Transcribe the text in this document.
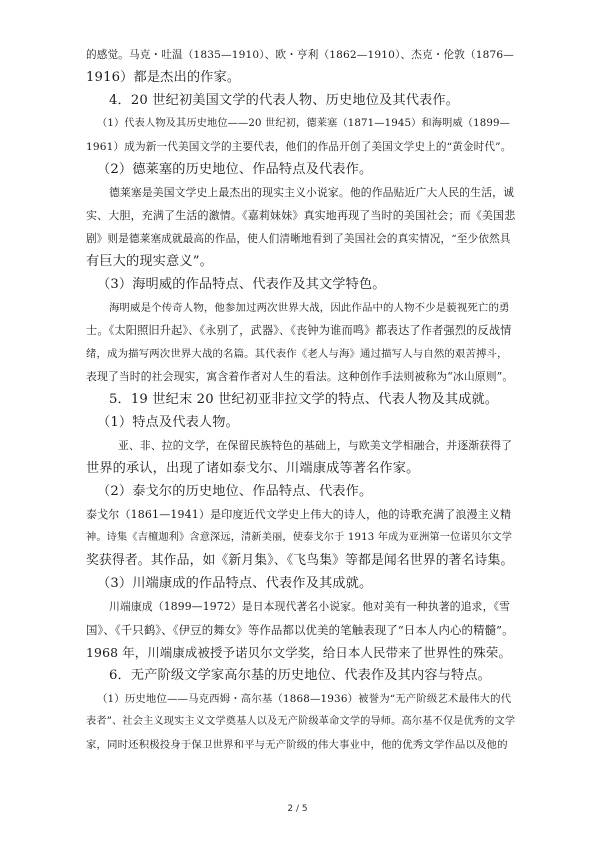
的感觉。马克・吐温（1835—1910）、欧・亨利（1862—1910）、杰克・伦敦（1876—
1916）都是杰出的作家。
4．20 世纪初美国文学的代表人物、历史地位及其代表作。
（1）代表人物及其历史地位——20 世纪初，德莱塞（1871—1945）和海明威（1899—
1961）成为新一代美国文学的主要代表，他们的作品开创了美国文学史上的“黄金时代”。
（2）德莱塞的历史地位、作品特点及代表作。
德莱塞是美国文学史上最杰出的现实主义小说家。他的作品贴近广大人民的生活，诚
实、大胆，充满了生活的激情。《嘉莉妹妹》真实地再现了当时的美国社会；而《美国悲
剧》则是德莱塞成就最高的作品，使人们清晰地看到了美国社会的真实情况，“至少依然具
有巨大的现实意义”。
（3）海明威的作品特点、代表作及其文学特色。
海明威是个传奇人物，他参加过两次世界大战，因此作品中的人物不少是藐视死亡的勇
士。《太阳照旧升起》、《永别了，武器》、《丧钟为谁而鸣》都表达了作者强烈的反战情
绪，成为描写两次世界大战的名篇。其代表作《老人与海》通过描写人与自然的艰苦搏斗，
表现了当时的社会现实，寓含着作者对人生的看法。这种创作手法则被称为“冰山原则”。
5．19 世纪末 20 世纪初亚非拉文学的特点、代表人物及其成就。
（1）特点及代表人物。
亚、非、拉的文学，在保留民族特色的基础上，与欧美文学相融合，并逐渐获得了
世界的承认，出现了诸如泰戈尔、川端康成等著名作家。
（2）泰戈尔的历史地位、作品特点、代表作。
泰戈尔（1861—1941）是印度近代文学史上伟大的诗人，他的诗歌充满了浪漫主义精
神。诗集《吉檀迦利》含意深远，清新美丽，使泰戈尔于 1913 年成为亚洲第一位诺贝尔文学
奖获得者。其作品，如《新月集》、《飞鸟集》等都是闻名世界的著名诗集。
（3）川端康成的作品特点、代表作及其成就。
川端康成（1899—1972）是日本现代著名小说家。他对美有一种执著的追求，《雪
国》、《千只鹤》、《伊豆的舞女》等作品都以优美的笔触表现了“日本人内心的精髓”。
1968 年，川端康成被授予诺贝尔文学奖，给日本人民带来了世界性的殊荣。
6．无产阶级文学家高尔基的历史地位、代表作及其内容与特点。
（1）历史地位——马克西姆・高尔基（1868—1936）被誉为“无产阶级艺术最伟大的代
表者”、社会主义现实主义文学奠基人以及无产阶级革命文学的导师。高尔基不仅是优秀的文学
家，同时还积极投身于保卫世界和平与无产阶级的伟大事业中，他的优秀文学作品以及他的
2 / 5
